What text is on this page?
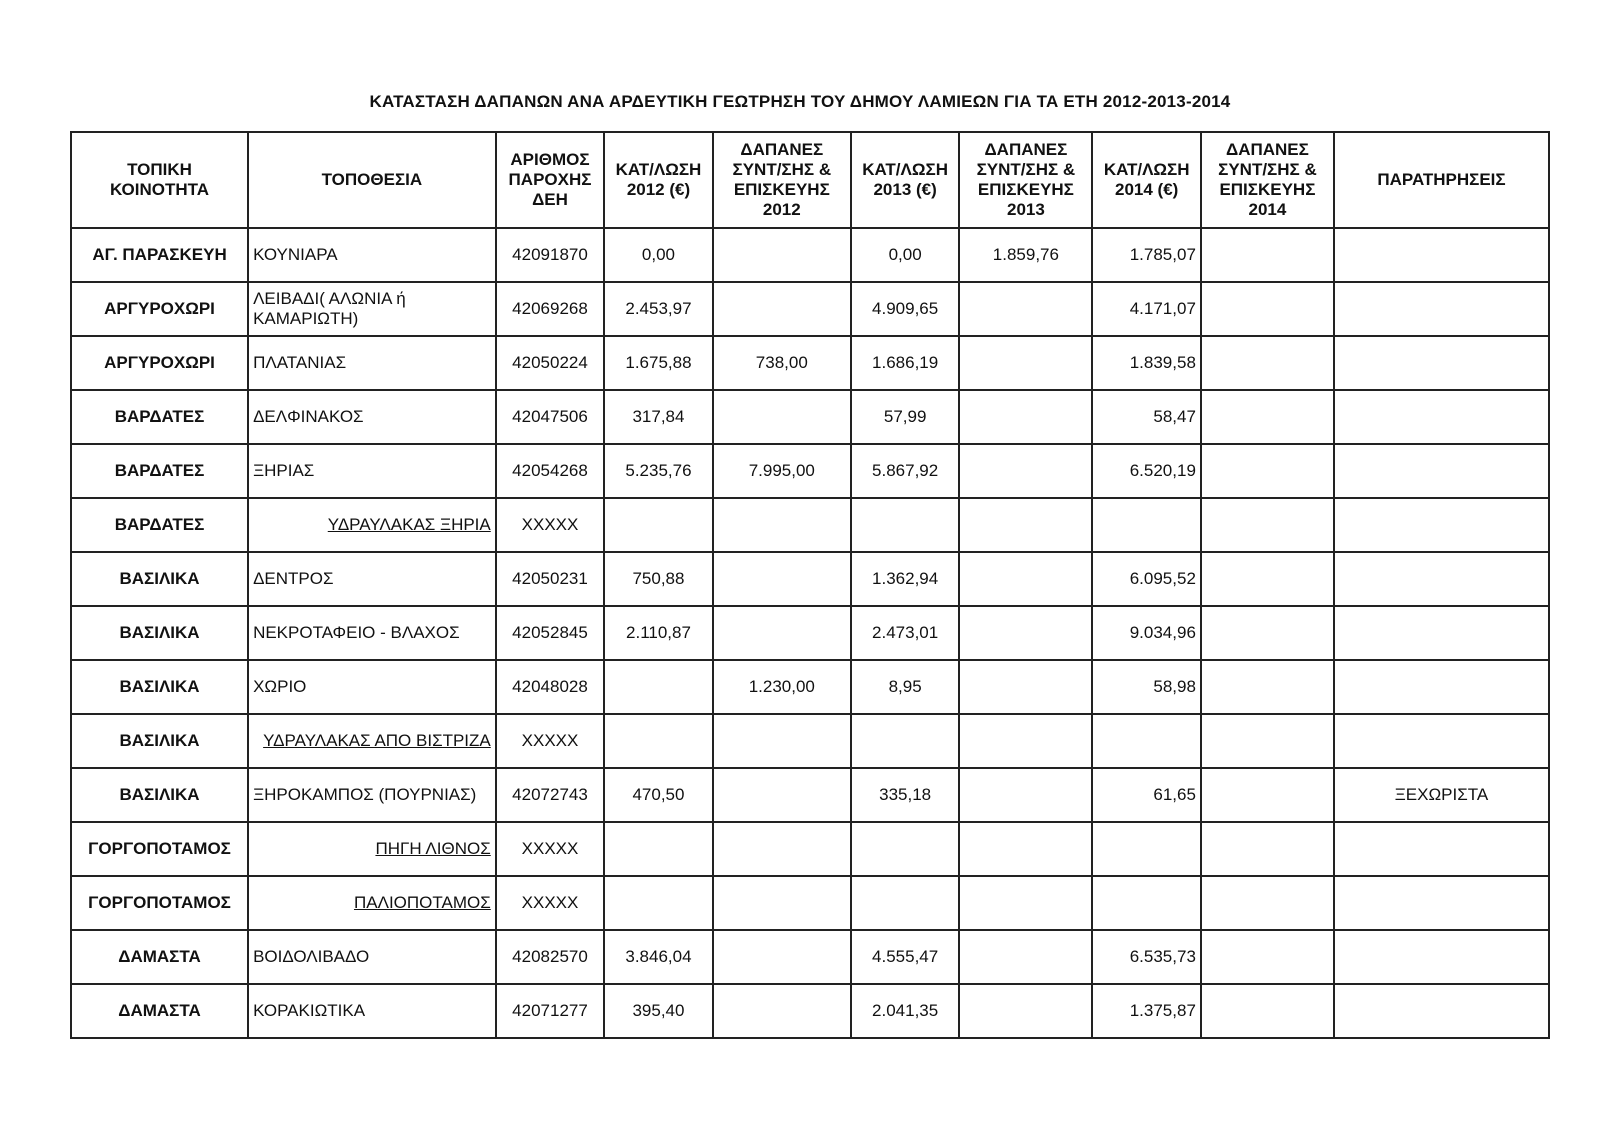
ΚΑΤΑΣΤΑΣΗ ΔΑΠΑΝΩΝ ΑΝΑ ΑΡΔΕΥΤΙΚΗ ΓΕΩΤΡΗΣΗ ΤΟΥ ΔΗΜΟΥ ΛΑΜΙΕΩΝ ΓΙΑ ΤΑ ΕΤΗ 2012-2013-2014
ΤΟΠΙΚΗ ΚΟΙΝΟΤΗΤΑ	ΤΟΠΟΘΕΣΙΑ	ΑΡΙΘΜΟΣ ΠΑΡΟΧΗΣ ΔΕΗ	ΚΑΤ/ΛΩΣΗ 2012 (€)	ΔΑΠΑΝΕΣ ΣΥΝΤ/ΣΗΣ & ΕΠΙΣΚΕΥΗΣ 2012	ΚΑΤ/ΛΩΣΗ 2013 (€)	ΔΑΠΑΝΕΣ ΣΥΝΤ/ΣΗΣ & ΕΠΙΣΚΕΥΗΣ 2013	ΚΑΤ/ΛΩΣΗ 2014 (€)	ΔΑΠΑΝΕΣ ΣΥΝΤ/ΣΗΣ & ΕΠΙΣΚΕΥΗΣ 2014	ΠΑΡΑΤΗΡΗΣΕΙΣ
ΑΓ. ΠΑΡΑΣΚΕΥΗ	ΚΟΥΝΙΑΡΑ	42091870	0,00		0,00	1.859,76	1.785,07		
ΑΡΓΥΡΟΧΩΡΙ	ΛΕΙΒΑΔΙ( ΑΛΩΝΙΑ ή ΚΑΜΑΡΙΩΤΗ)	42069268	2.453,97		4.909,65		4.171,07		
ΑΡΓΥΡΟΧΩΡΙ	ΠΛΑΤΑΝΙΑΣ	42050224	1.675,88	738,00	1.686,19		1.839,58		
ΒΑΡΔΑΤΕΣ	ΔΕΛΦΙΝΑΚΟΣ	42047506	317,84		57,99		58,47		
ΒΑΡΔΑΤΕΣ	ΞΗΡΙΑΣ	42054268	5.235,76	7.995,00	5.867,92		6.520,19		
ΒΑΡΔΑΤΕΣ	ΥΔΡΑΥΛΑΚΑΣ ΞΗΡΙΑ	XXXXX							
ΒΑΣΙΛΙΚΑ	ΔΕΝΤΡΟΣ	42050231	750,88		1.362,94		6.095,52		
ΒΑΣΙΛΙΚΑ	ΝΕΚΡΟΤΑΦΕΙΟ - ΒΛΑΧΟΣ	42052845	2.110,87		2.473,01		9.034,96		
ΒΑΣΙΛΙΚΑ	ΧΩΡΙΟ	42048028		1.230,00	8,95		58,98		
ΒΑΣΙΛΙΚΑ	ΥΔΡΑΥΛΑΚΑΣ ΑΠΟ ΒΙΣΤΡΙΖΑ	XXXXX							
ΒΑΣΙΛΙΚΑ	ΞΗΡΟΚΑΜΠΟΣ (ΠΟΥΡΝΙΑΣ)	42072743	470,50		335,18		61,65		ΞΕΧΩΡΙΣΤΑ
ΓΟΡΓΟΠΟΤΑΜΟΣ	ΠΗΓΗ ΛΙΘΝΟΣ	XXXXX							
ΓΟΡΓΟΠΟΤΑΜΟΣ	ΠΑΛΙΟΠΟΤΑΜΟΣ	XXXXX							
ΔΑΜΑΣΤΑ	ΒΟΙΔΟΛΙΒΑΔΟ	42082570	3.846,04		4.555,47		6.535,73		
ΔΑΜΑΣΤΑ	ΚΟΡΑΚΙΩΤΙΚΑ	42071277	395,40		2.041,35		1.375,87		
